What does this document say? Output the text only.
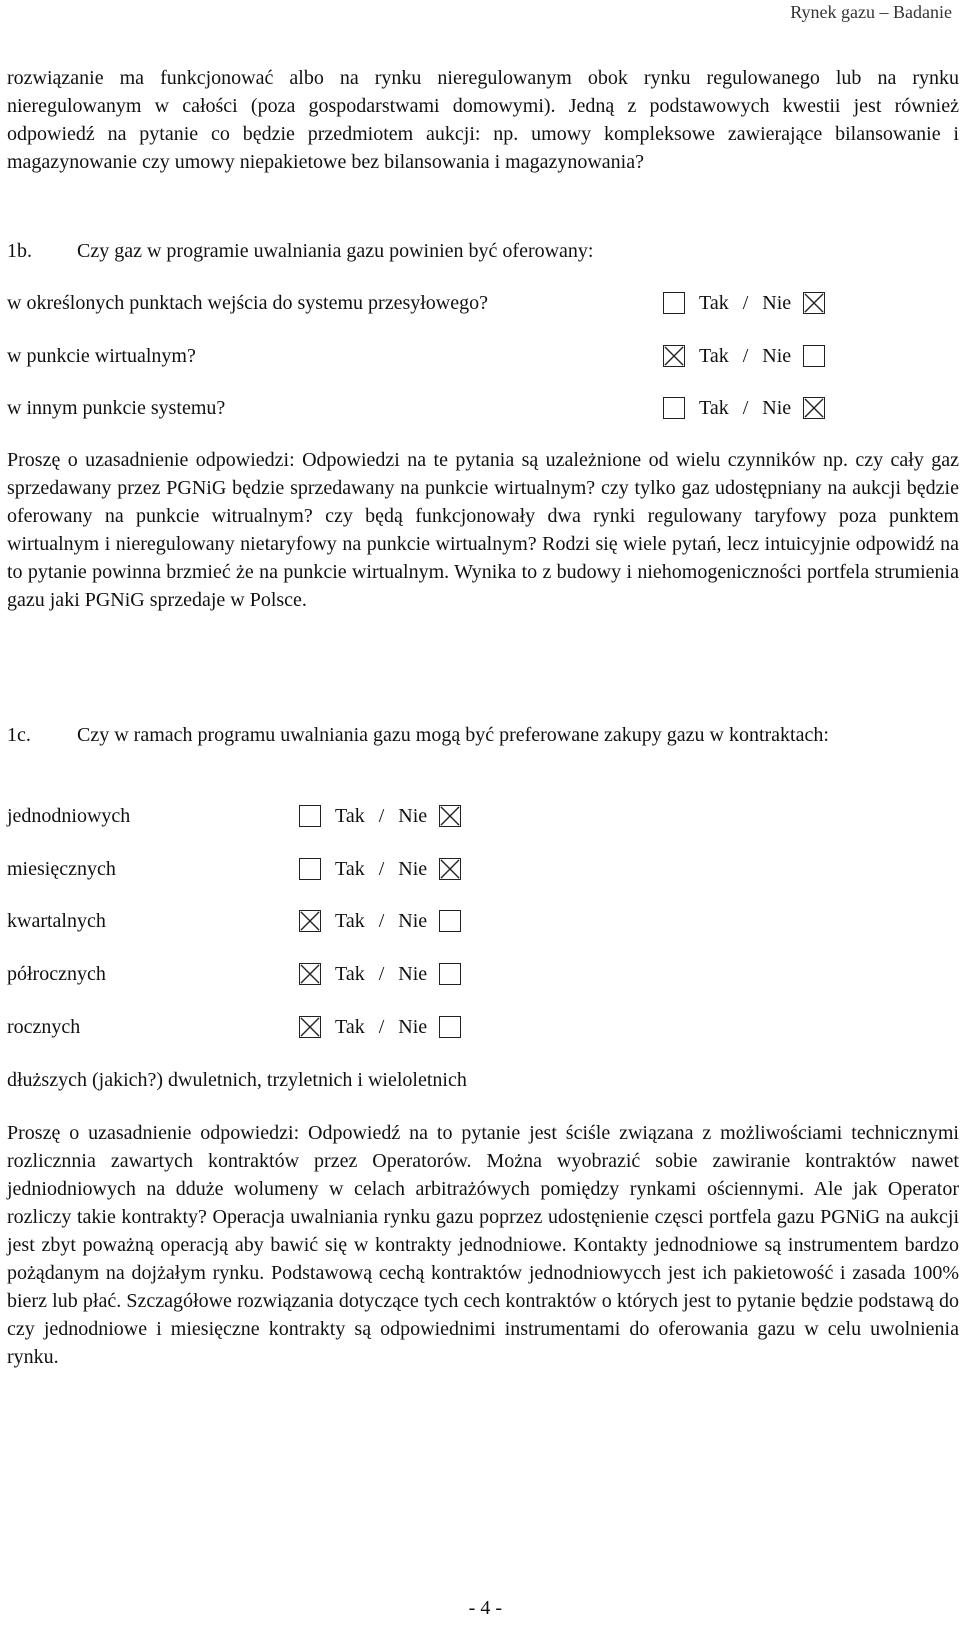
Rynek gazu – Badanie

rozwiązanie ma funkcjonować albo na rynku nieregulowanym obok rynku regulowanego lub na rynku nieregulowanym w całości (poza gospodarstwami domowymi). Jedną z podstawowych kwestii jest również odpowiedź na pytanie co będzie przedmiotem aukcji: np. umowy kompleksowe zawierające bilansowanie i magazynowanie czy umowy niepakietowe bez bilansowania i magazynowania?

1b. Czy gaz w programie uwalniania gazu powinien być oferowany:
w określonych punktach wejścia do systemu przesyłowego?	Tak / Nie
w punkcie wirtualnym?	Tak / Nie
w innym punkcie systemu?	Tak / Nie

Proszę o uzasadnienie odpowiedzi: Odpowiedzi na te pytania są uzależnione od wielu czynników np. czy cały gaz sprzedawany przez PGNiG będzie sprzedawany na punkcie wirtualnym? czy tylko gaz udostępniany na aukcji będzie oferowany na punkcie witrualnym? czy będą funkcjonowały dwa rynki regulowany taryfowy poza punktem wirtualnym i nieregulowany nietaryfowy na punkcie wirtualnym? Rodzi się wiele pytań, lecz intuicyjnie odpowidź na to pytanie powinna brzmieć że na punkcie wirtualnym. Wynika to z budowy i niehomogeniczności portfela strumienia gazu jaki PGNiG sprzedaje w Polsce.

1c. Czy w ramach programu uwalniania gazu mogą być preferowane zakupy gazu w kontraktach:

jednodniowych	Tak / Nie
miesięcznych	Tak / Nie
kwartalnych	Tak / Nie
półrocznych	Tak / Nie
rocznych	Tak / Nie
dłuższych (jakich?) dwuletnich, trzyletnich i wieloletnich

Proszę o uzasadnienie odpowiedzi: Odpowiedź na to pytanie jest ściśle związana z możliwościami technicznymi rozlicznnia zawartych kontraktów przez Operatorów. Można wyobrazić sobie zawiranie kontraktów nawet jedniodniowych na dduże wolumeny w celach arbitrażówych pomiędzy rynkami ościennymi. Ale jak Operator rozliczy takie kontrakty? Operacja uwalniania rynku gazu poprzez udostęnienie częsci portfela gazu PGNiG na aukcji jest zbyt poważną operacją aby bawić się w kontrakty jednodniowe. Kontakty jednodniowe są instrumentem bardzo pożądanym na dojżałym rynku. Podstawową cechą kontraktów jednodniowycch jest ich pakietowość i zasada 100% bierz lub płać. Szczagółowe rozwiązania dotyczące tych cech kontraktów o których jest to pytanie będzie podstawą do czy jednodniowe i miesięczne kontrakty są odpowiednimi instrumentami do oferowania gazu w celu uwolnienia rynku.

- 4 -
